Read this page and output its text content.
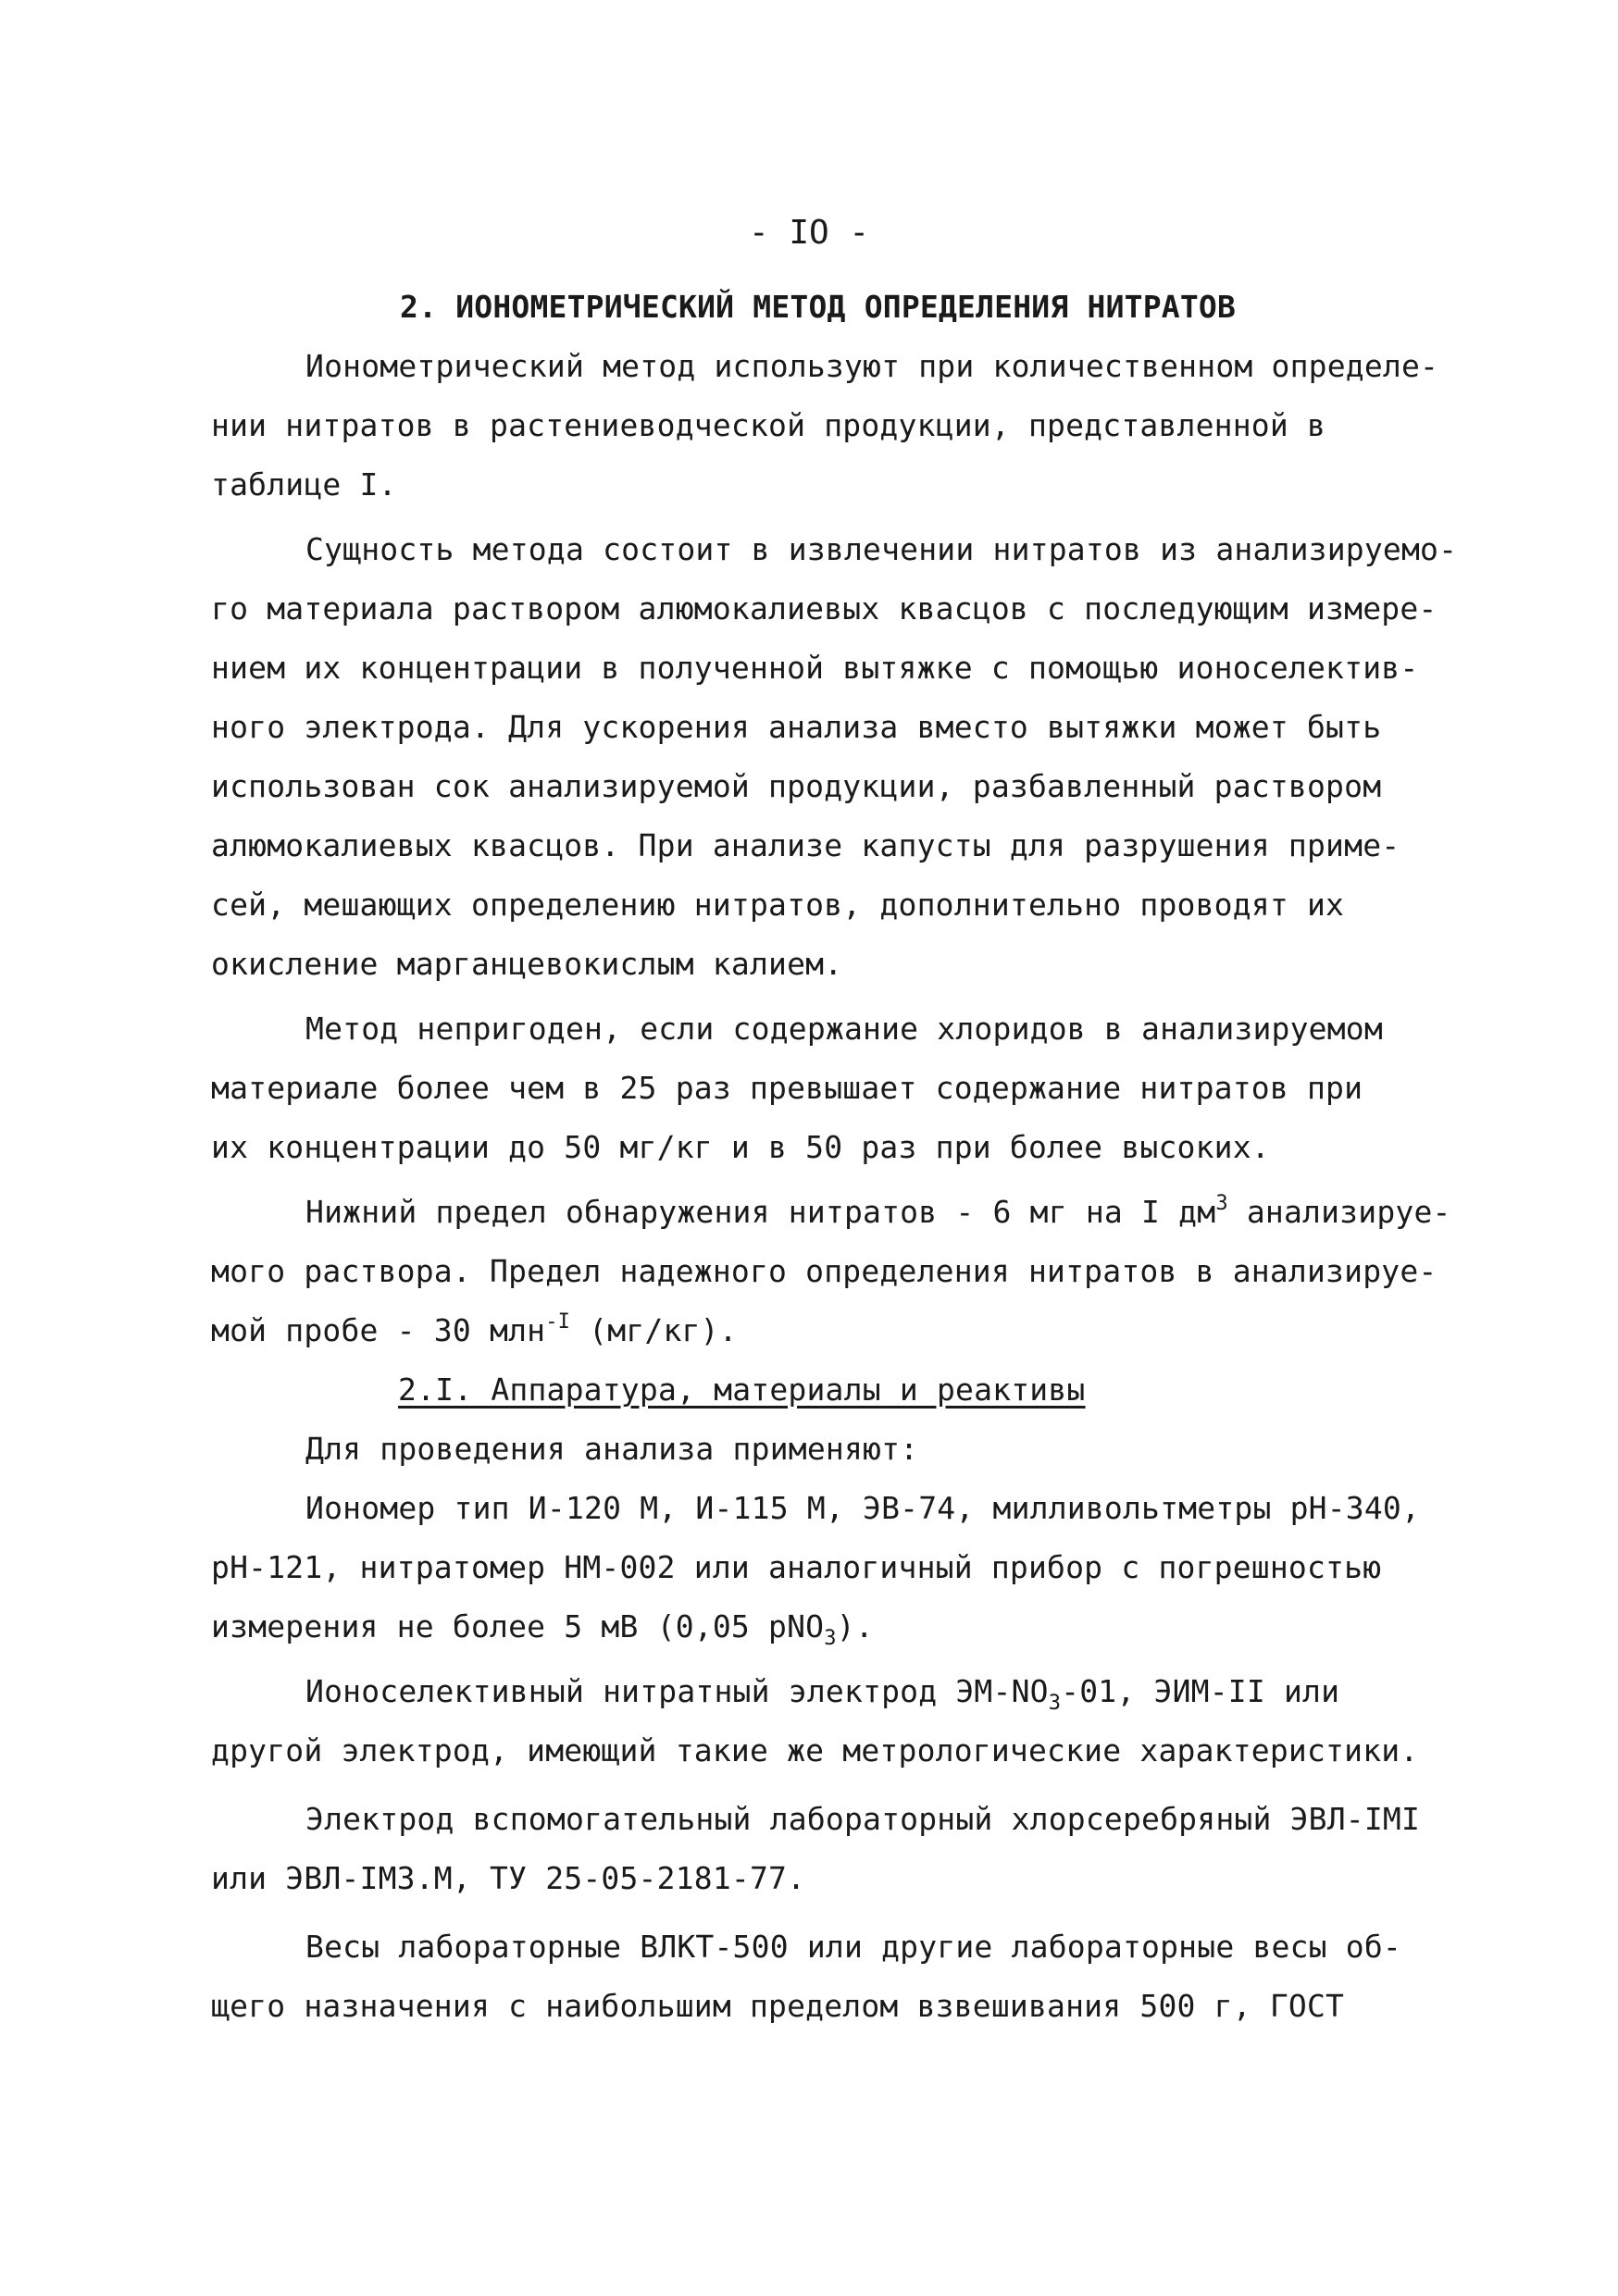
- IO -
2. ИОНОМЕТРИЧЕСКИЙ МЕТОД ОПРЕДЕЛЕНИЯ НИТРАТОВ
Ионометрический метод используют при количественном определе-
нии нитратов в растениеводческой продукции, представленной в
таблице I.
Сущность метода состоит в извлечении нитратов из анализируемо-
го материала раствором алюмокалиевых квасцов с последующим измере-
нием их концентрации в полученной вытяжке с помощью ионоселектив-
ного электрода. Для ускорения анализа вместо вытяжки может быть
использован сок анализируемой продукции, разбавленный раствором
алюмокалиевых квасцов. При анализе капусты для разрушения приме-
сей, мешающих определению нитратов, дополнительно проводят их
окисление марганцевокислым калием.
Метод непригоден, если содержание хлоридов в анализируемом
материале более чем в 25 раз превышает содержание нитратов при
их концентрации до 50 мг/кг и в 50 раз при более высоких.
Нижний предел обнаружения нитратов - 6 мг на I $дм^3$ анализируе-
мого раствора. Предел надежного определения нитратов в анализируе-
мой пробе - 30 млн$^{-I}$ (мг/кг).
2.I. Аппаратура, материалы и реактивы
Для проведения анализа применяют:
Иономер тип И-120 М, И-115 М, ЭВ-74, милливольтметры рН-340,
рН-121, нитратомер НМ-002 или аналогичный прибор с погрешностью
измерения не более 5 мВ (0,05 рNO$_3$).
Ионоселективный нитратный электрод $ЭМ-NO_3-01$, ЭИМ-II или
другой электрод, имеющий такие же метрологические характеристики.
Электрод вспомогательный лабораторный хлорсеребряный ЭВЛ-IМI
или ЭВЛ-IМ3.М, ТУ 25-05-2181-77.
Весы лабораторные ВЛКТ-500 или другие лабораторные весы об-
щего назначения с наибольшим пределом взвешивания 500 г, ГОСТ
